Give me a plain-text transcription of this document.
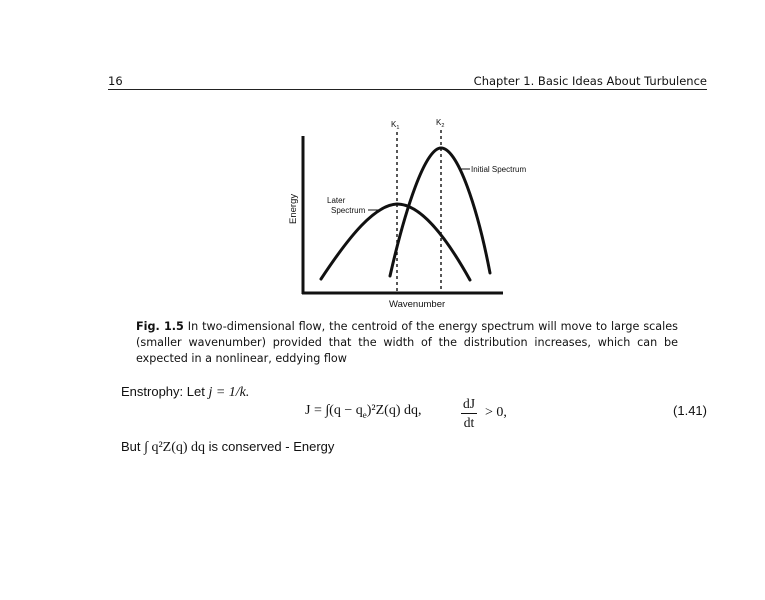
16	Chapter 1. Basic Ideas About Turbulence
$K_1$
$K_2$
Initial Spectrum
Later
Spectrum
Energy
Wavenumber
Fig. 1.5 In two-dimensional flow, the centroid of the energy spectrum will move to large scales (smaller wavenumber) provided that the width of the distribution increases, which can be expected in a nonlinear, eddying flow
Enstrophy: Let j = 1/k.
$J = \int(q - q_e)^2Z(q)$ dq,	$\frac{dJ}{dt} > 0$,	(1.41)
But ∫ q²Z(q) dq is conserved - Energy
